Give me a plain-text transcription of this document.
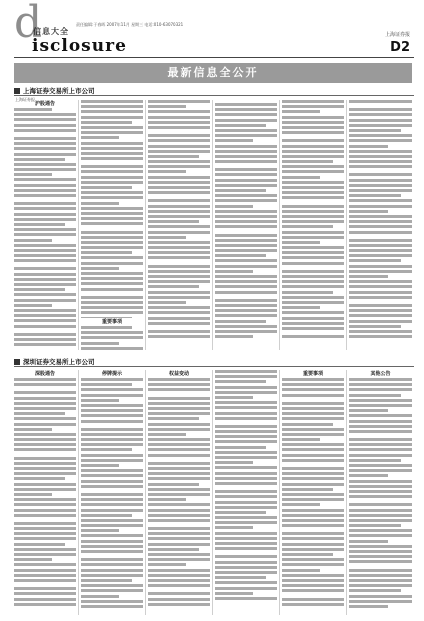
d
信息大全
isclosure
责任编辑:于春晖 2007年11月 星期三 电话:010-63070321
上海证券报
D2
最新信息全公开
上海证券交易所上市公司
上海证券报
沪股通告
重要事项
深圳证券交易所上市公司
深股通告	停牌提示	权益变动	重要事项	其他公告
